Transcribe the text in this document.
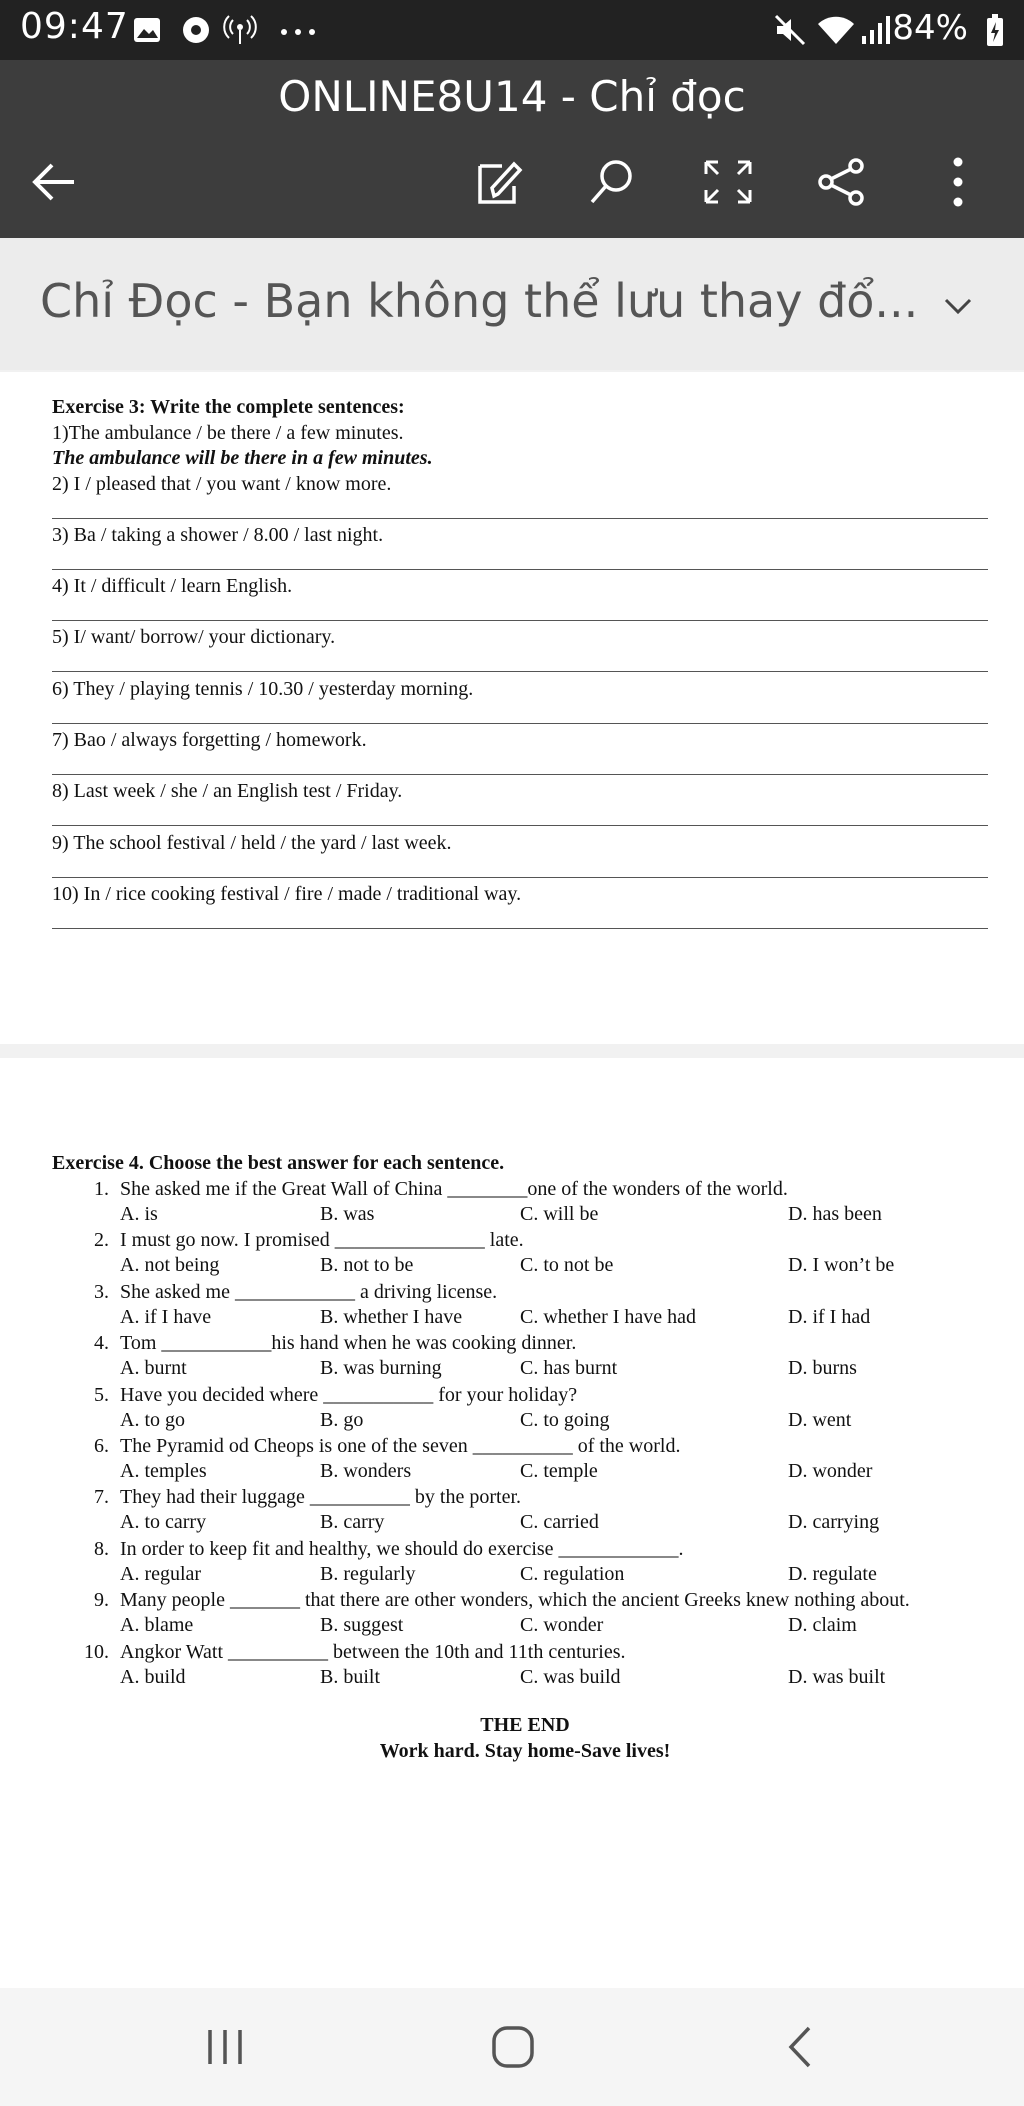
09:47	84%
ONLINE8U14 - Chỉ đọc
Chỉ Đọc - Bạn không thể lưu thay đổ...
Exercise 3: Write the complete sentences:
1)The ambulance / be there / a few minutes.
The ambulance will be there in a few minutes.
2) I / pleased that / you want / know more.
3) Ba / taking a shower / 8.00 / last night.
4) It / difficult / learn English.
5) I/ want/ borrow/ your dictionary.
6) They / playing tennis / 10.30 / yesterday morning.
7) Bao / always forgetting / homework.
8) Last week / she / an English test / Friday.
9) The school festival / held / the yard / last week.
10) In / rice cooking festival / fire / made / traditional way.
Exercise 4. Choose the best answer for each sentence.
1. She asked me if the Great Wall of China ________one of the wonders of the world.
A. is	B. was	C. will be	D. has been
2. I must go now. I promised _______________ late.
A. not being	B. not to be	C. to not be	D. I won’t be
3. She asked me ____________ a driving license.
A. if I have	B. whether I have	C. whether I have had	D. if I had
4. Tom ___________his hand when he was cooking dinner.
A. burnt	B. was burning	C. has burnt	D. burns
5. Have you decided where ___________ for your holiday?
A. to go	B. go	C. to going	D. went
6. The Pyramid od Cheops is one of the seven __________ of the world.
A. temples	B. wonders	C. temple	D. wonder
7. They had their luggage __________ by the porter.
A. to carry	B. carry	C. carried	D. carrying
8. In order to keep fit and healthy, we should do exercise ____________.
A. regular	B. regularly	C. regulation	D. regulate
9. Many people _______ that there are other wonders, which the ancient Greeks knew nothing about.
A. blame	B. suggest	C. wonder	D. claim
10. Angkor Watt __________ between the 10th and 11th centuries.
A. build	B. built	C. was build	D. was built
THE END
Work hard. Stay home-Save lives!
